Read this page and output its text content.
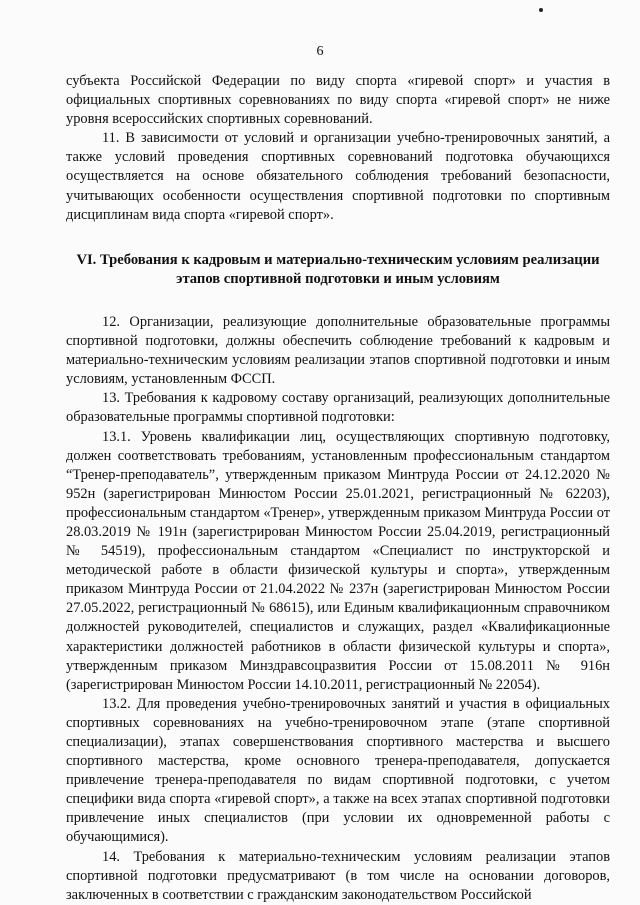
6

субъекта Российской Федерации по виду спорта «гиревой спорт» и участия в официальных спортивных соревнованиях по виду спорта «гиревой спорт» не ниже уровня всероссийских спортивных соревнований.

11. В зависимости от условий и организации учебно-тренировочных занятий, а также условий проведения спортивных соревнований подготовка обучающихся осуществляется на основе обязательного соблюдения требований безопасности, учитывающих особенности осуществления спортивной подготовки по спортивным дисциплинам вида спорта «гиревой спорт».

VI. Требования к кадровым и материально-техническим условиям реализации этапов спортивной подготовки и иным условиям

12. Организации, реализующие дополнительные образовательные программы спортивной подготовки, должны обеспечить соблюдение требований к кадровым и материально-техническим условиям реализации этапов спортивной подготовки и иным условиям, установленным ФССП.

13. Требования к кадровому составу организаций, реализующих дополнительные образовательные программы спортивной подготовки:

13.1. Уровень квалификации лиц, осуществляющих спортивную подготовку, должен соответствовать требованиям, установленным профессиональным стандартом “Тренер-преподаватель”, утвержденным приказом Минтруда России от 24.12.2020 № 952н (зарегистрирован Минюстом России 25.01.2021, регистрационный № 62203), профессиональным стандартом «Тренер», утвержденным приказом Минтруда России от 28.03.2019 № 191н (зарегистрирован Минюстом России 25.04.2019, регистрационный № 54519), профессиональным стандартом «Специалист по инструкторской и методической работе в области физической культуры и спорта», утвержденным приказом Минтруда России от 21.04.2022 № 237н (зарегистрирован Минюстом России 27.05.2022, регистрационный № 68615), или Единым квалификационным справочником должностей руководителей, специалистов и служащих, раздел «Квалификационные характеристики должностей работников в области физической культуры и спорта», утвержденным приказом Минздравсоцразвития России от 15.08.2011 № 916н (зарегистрирован Минюстом России 14.10.2011, регистрационный № 22054).

13.2. Для проведения учебно-тренировочных занятий и участия в официальных спортивных соревнованиях на учебно-тренировочном этапе (этапе спортивной специализации), этапах совершенствования спортивного мастерства и высшего спортивного мастерства, кроме основного тренера-преподавателя, допускается привлечение тренера-преподавателя по видам спортивной подготовки, с учетом специфики вида спорта «гиревой спорт», а также на всех этапах спортивной подготовки привлечение иных специалистов (при условии их одновременной работы с обучающимися).

14. Требования к материально-техническим условиям реализации этапов спортивной подготовки предусматривают (в том числе на основании договоров, заключенных в соответствии с гражданским законодательством Российской
